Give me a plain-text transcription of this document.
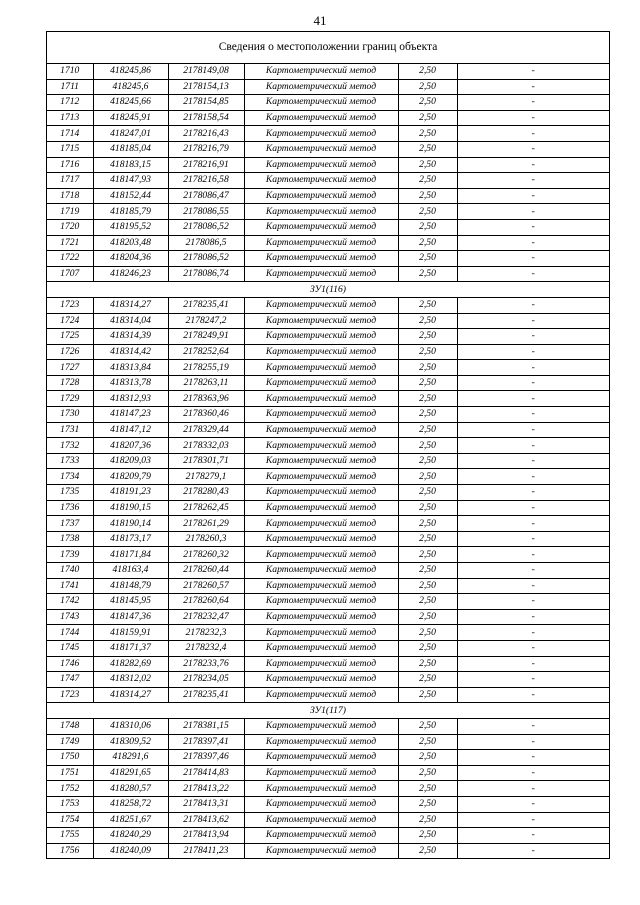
41
Сведения о местоположении границ объекта
1710	418245,86	2178149,08	Картометрический метод	2,50	-
1711	418245,6	2178154,13	Картометрический метод	2,50	-
1712	418245,66	2178154,85	Картометрический метод	2,50	-
1713	418245,91	2178158,54	Картометрический метод	2,50	-
1714	418247,01	2178216,43	Картометрический метод	2,50	-
1715	418185,04	2178216,79	Картометрический метод	2,50	-
1716	418183,15	2178216,91	Картометрический метод	2,50	-
1717	418147,93	2178216,58	Картометрический метод	2,50	-
1718	418152,44	2178086,47	Картометрический метод	2,50	-
1719	418185,79	2178086,55	Картометрический метод	2,50	-
1720	418195,52	2178086,52	Картометрический метод	2,50	-
1721	418203,48	2178086,5	Картометрический метод	2,50	-
1722	418204,36	2178086,52	Картометрический метод	2,50	-
1707	418246,23	2178086,74	Картометрический метод	2,50	-
ЗУ1(116)					
1723	418314,27	2178235,41	Картометрический метод	2,50	-
1724	418314,04	2178247,2	Картометрический метод	2,50	-
1725	418314,39	2178249,91	Картометрический метод	2,50	-
1726	418314,42	2178252,64	Картометрический метод	2,50	-
1727	418313,84	2178255,19	Картометрический метод	2,50	-
1728	418313,78	2178263,11	Картометрический метод	2,50	-
1729	418312,93	2178363,96	Картометрический метод	2,50	-
1730	418147,23	2178360,46	Картометрический метод	2,50	-
1731	418147,12	2178329,44	Картометрический метод	2,50	-
1732	418207,36	2178332,03	Картометрический метод	2,50	-
1733	418209,03	2178301,71	Картометрический метод	2,50	-
1734	418209,79	2178279,1	Картометрический метод	2,50	-
1735	418191,23	2178280,43	Картометрический метод	2,50	-
1736	418190,15	2178262,45	Картометрический метод	2,50	-
1737	418190,14	2178261,29	Картометрический метод	2,50	-
1738	418173,17	2178260,3	Картометрический метод	2,50	-
1739	418171,84	2178260,32	Картометрический метод	2,50	-
1740	418163,4	2178260,44	Картометрический метод	2,50	-
1741	418148,79	2178260,57	Картометрический метод	2,50	-
1742	418145,95	2178260,64	Картометрический метод	2,50	-
1743	418147,36	2178232,47	Картометрический метод	2,50	-
1744	418159,91	2178232,3	Картометрический метод	2,50	-
1745	418171,37	2178232,4	Картометрический метод	2,50	-
1746	418282,69	2178233,76	Картометрический метод	2,50	-
1747	418312,02	2178234,05	Картометрический метод	2,50	-
1723	418314,27	2178235,41	Картометрический метод	2,50	-
ЗУ1(117)					
1748	418310,06	2178381,15	Картометрический метод	2,50	-
1749	418309,52	2178397,41	Картометрический метод	2,50	-
1750	418291,6	2178397,46	Картометрический метод	2,50	-
1751	418291,65	2178414,83	Картометрический метод	2,50	-
1752	418280,57	2178413,22	Картометрический метод	2,50	-
1753	418258,72	2178413,31	Картометрический метод	2,50	-
1754	418251,67	2178413,62	Картометрический метод	2,50	-
1755	418240,29	2178413,94	Картометрический метод	2,50	-
1756	418240,09	2178411,23	Картометрический метод	2,50	-
